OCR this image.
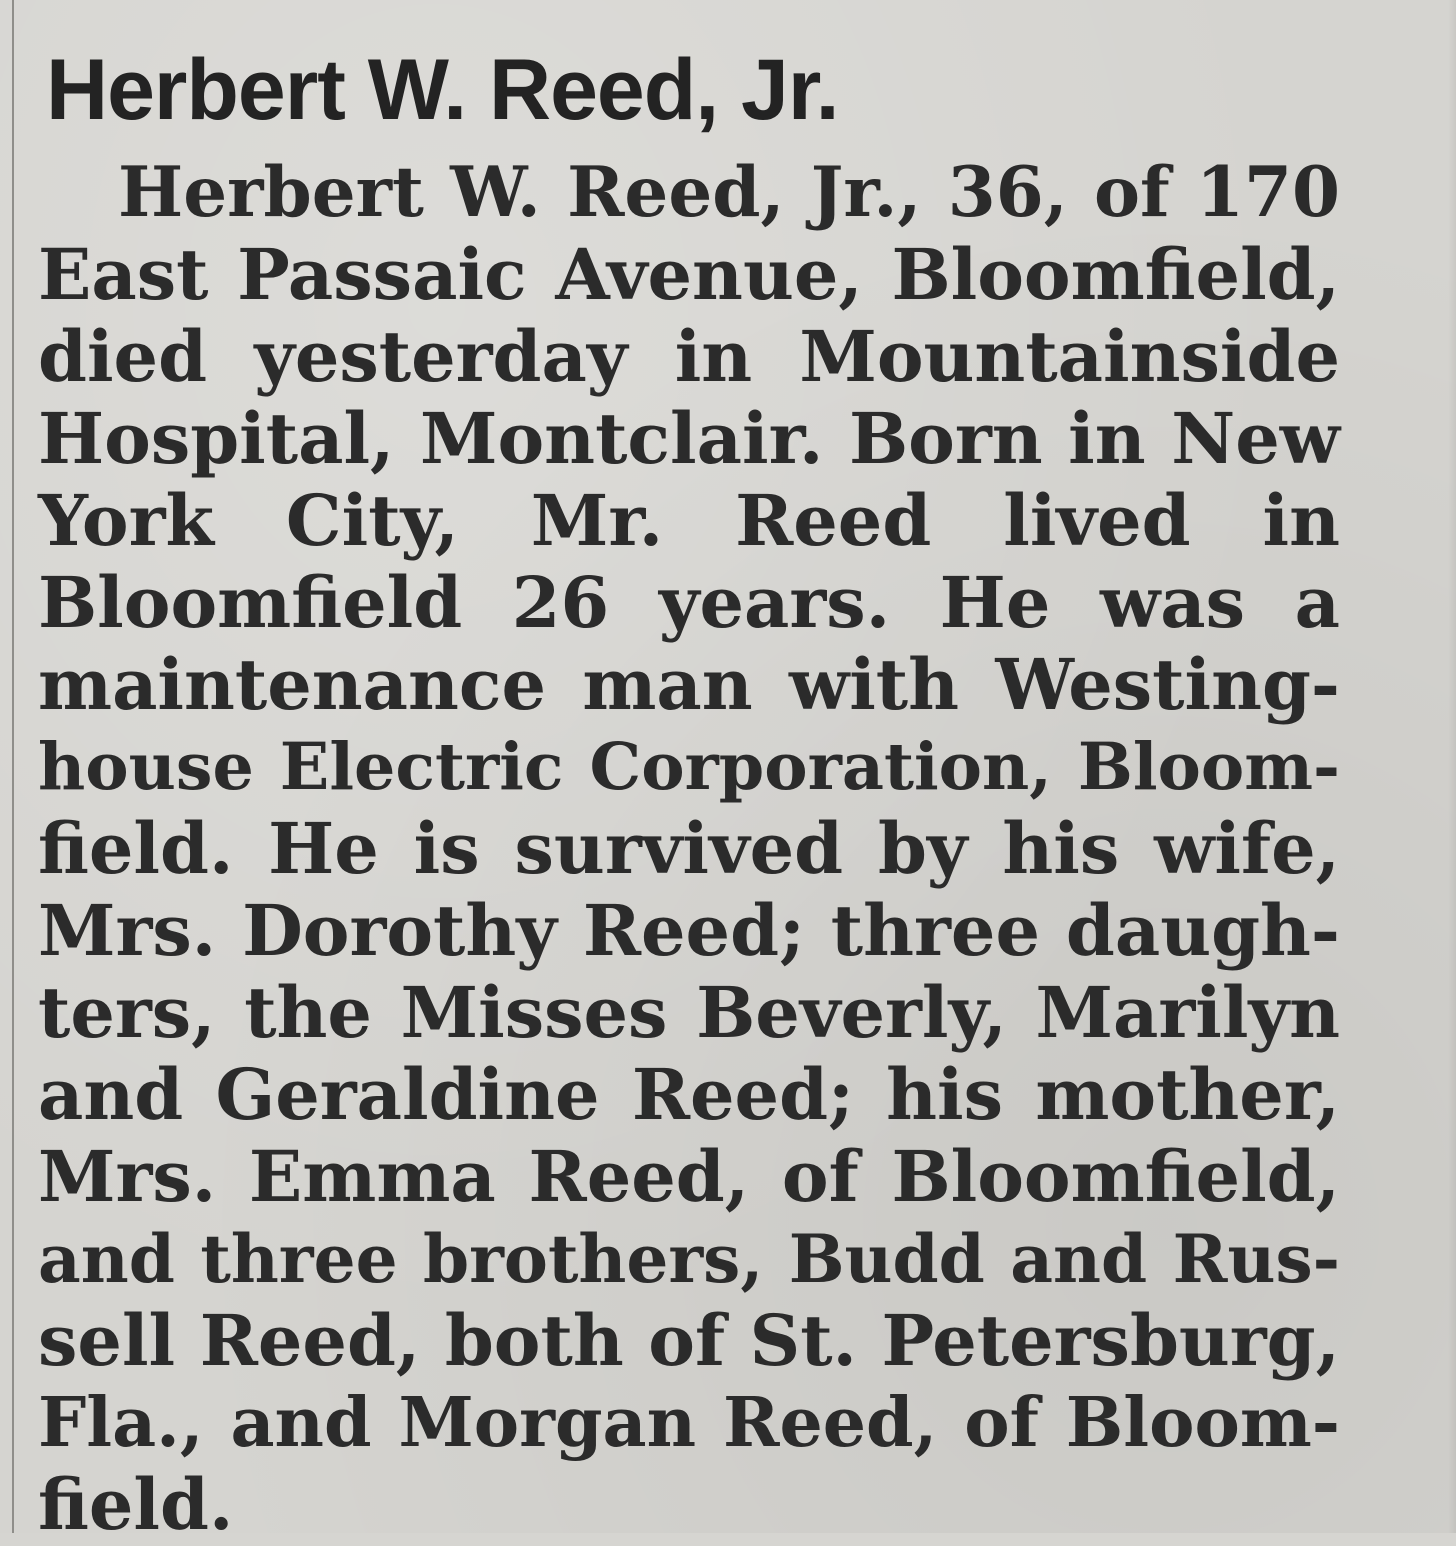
Herbert W. Reed, Jr.
Herbert W. Reed, Jr., 36, of 170
East Passaic Avenue, Bloomfield,
died yesterday in Mountainside
Hospital, Montclair. Born in New
York City, Mr. Reed lived in
Bloomfield 26 years. He was a
maintenance man with Westing-
house Electric Corporation, Bloom-
field. He is survived by his wife,
Mrs. Dorothy Reed; three daugh-
ters, the Misses Beverly, Marilyn
and Geraldine Reed; his mother,
Mrs. Emma Reed, of Bloomfield,
and three brothers, Budd and Rus-
sell Reed, both of St. Petersburg,
Fla., and Morgan Reed, of Bloom-
field.
